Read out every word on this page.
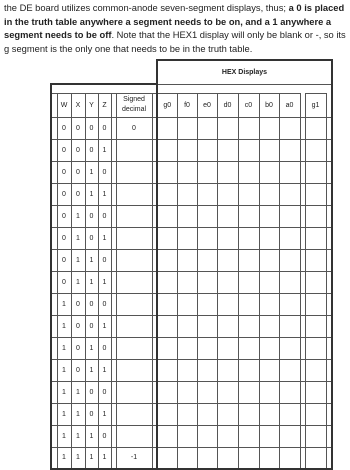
the DE board utilizes common-anode seven-segment displays, thus; a 0 is placed in the truth table anywhere a segment needs to be on, and a 1 anywhere a segment needs to be off. Note that the HEX1 display will only be blank or -, so its g segment is the only one that needs to be in the truth table.

								HEX Displays									

	W	X	Y	Z		Signed
decimal		g0	f0	e0	d0	c0	b0	a0		g1	
	0	0	0	0		0											
	0	0	0	1													
	0	0	1	0													
	0	0	1	1													
	0	1	0	0													
	0	1	0	1													
	0	1	1	0													
	0	1	1	1													
	1	0	0	0													
	1	0	0	1													
	1	0	1	0													
	1	0	1	1													
	1	1	0	0													
	1	1	0	1													
	1	1	1	0													
	1	1	1	1		-1											
